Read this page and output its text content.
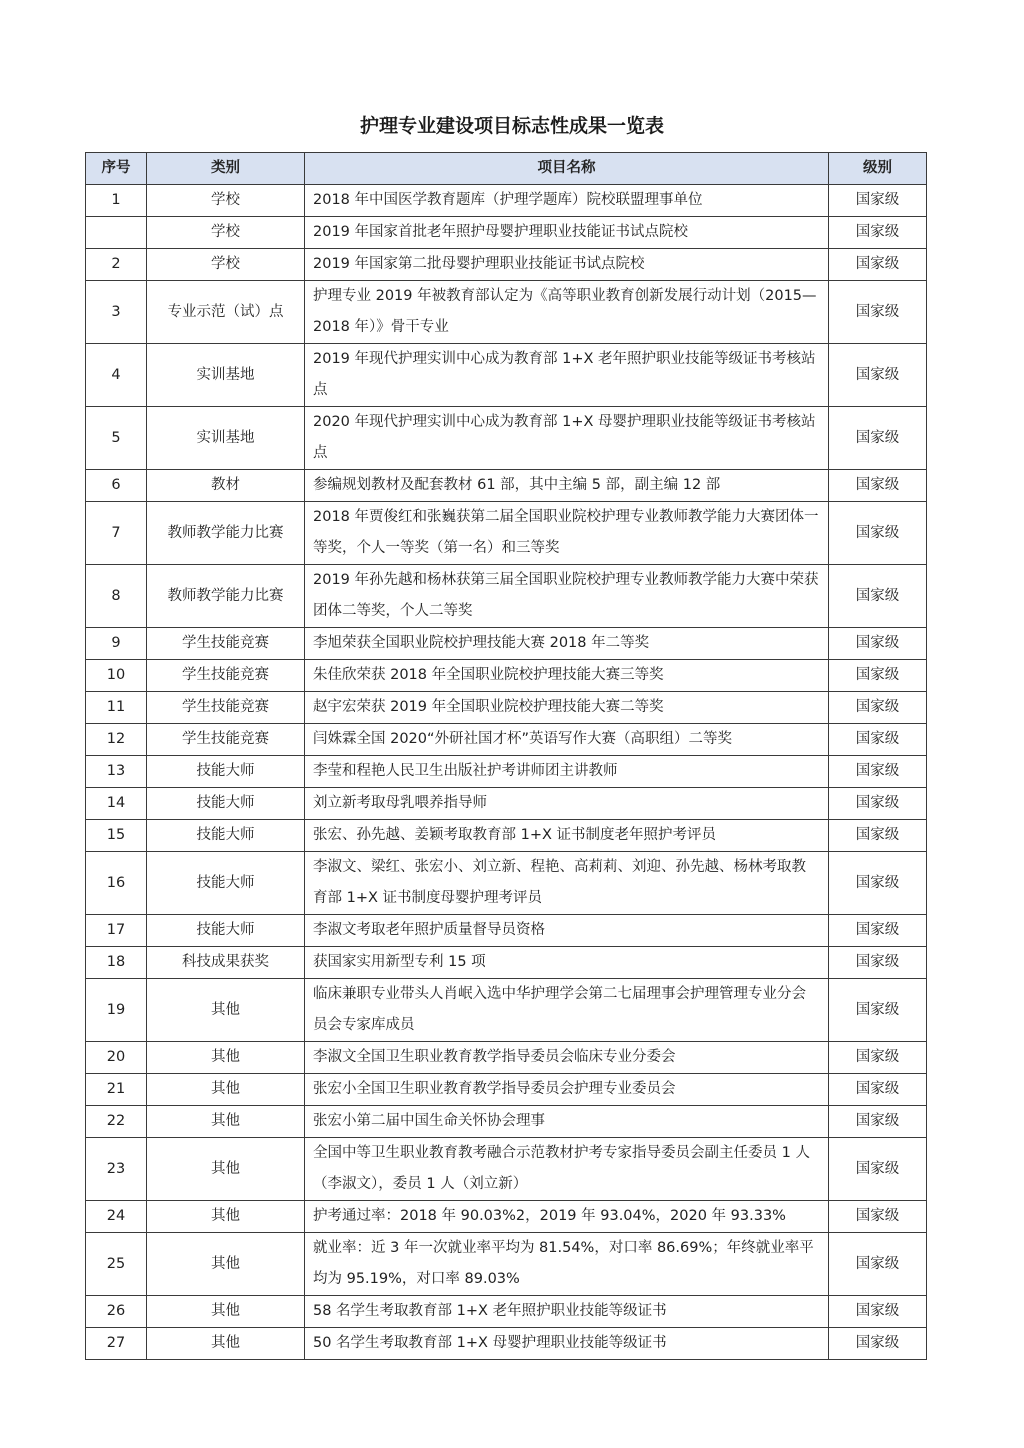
护理专业建设项目标志性成果一览表
序号	类别	项目名称	级别
1	学校	2018 年中国医学教育题库（护理学题库）院校联盟理事单位	国家级
	学校	2019 年国家首批老年照护母婴护理职业技能证书试点院校	国家级
2	学校	2019 年国家第二批母婴护理职业技能证书试点院校	国家级
3	专业示范（试）点	护理专业 2019 年被教育部认定为《高等职业教育创新发展行动计划（2015—2018 年）》骨干专业	国家级
4	实训基地	2019 年现代护理实训中心成为教育部 1+X 老年照护职业技能等级证书考核站点	国家级
5	实训基地	2020 年现代护理实训中心成为教育部 1+X 母婴护理职业技能等级证书考核站点	国家级
6	教材	参编规划教材及配套教材 61 部，其中主编 5 部，副主编 12 部	国家级
7	教师教学能力比赛	2018 年贾俊红和张巍获第二届全国职业院校护理专业教师教学能力大赛团体一等奖，个人一等奖（第一名）和三等奖	国家级
8	教师教学能力比赛	2019 年孙先越和杨林获第三届全国职业院校护理专业教师教学能力大赛中荣获团体二等奖，个人二等奖	国家级
9	学生技能竞赛	李旭荣获全国职业院校护理技能大赛 2018 年二等奖	国家级
10	学生技能竞赛	朱佳欣荣获 2018 年全国职业院校护理技能大赛三等奖	国家级
11	学生技能竞赛	赵宇宏荣获 2019 年全国职业院校护理技能大赛二等奖	国家级
12	学生技能竞赛	闫姝霖全国 2020“外研社国才杯”英语写作大赛（高职组）二等奖	国家级
13	技能大师	李莹和程艳人民卫生出版社护考讲师团主讲教师	国家级
14	技能大师	刘立新考取母乳喂养指导师	国家级
15	技能大师	张宏、孙先越、姜颖考取教育部 1+X 证书制度老年照护考评员	国家级
16	技能大师	李淑文、梁红、张宏小、刘立新、程艳、高莉莉、刘迎、孙先越、杨林考取教育部 1+X 证书制度母婴护理考评员	国家级
17	技能大师	李淑文考取老年照护质量督导员资格	国家级
18	科技成果获奖	获国家实用新型专利 15 项	国家级
19	其他	临床兼职专业带头人肖岷入选中华护理学会第二七届理事会护理管理专业分会员会专家库成员	国家级
20	其他	李淑文全国卫生职业教育教学指导委员会临床专业分委会	国家级
21	其他	张宏小全国卫生职业教育教学指导委员会护理专业委员会	国家级
22	其他	张宏小第二届中国生命关怀协会理事	国家级
23	其他	全国中等卫生职业教育教考融合示范教材护考专家指导委员会副主任委员 1 人（李淑文），委员 1 人（刘立新）	国家级
24	其他	护考通过率：2018 年 90.03%2，2019 年 93.04%，2020 年 93.33%	国家级
25	其他	就业率：近 3 年一次就业率平均为 81.54%，对口率 86.69%；年终就业率平均为 95.19%，对口率 89.03%	国家级
26	其他	58 名学生考取教育部 1+X 老年照护职业技能等级证书	国家级
27	其他	50 名学生考取教育部 1+X 母婴护理职业技能等级证书	国家级
